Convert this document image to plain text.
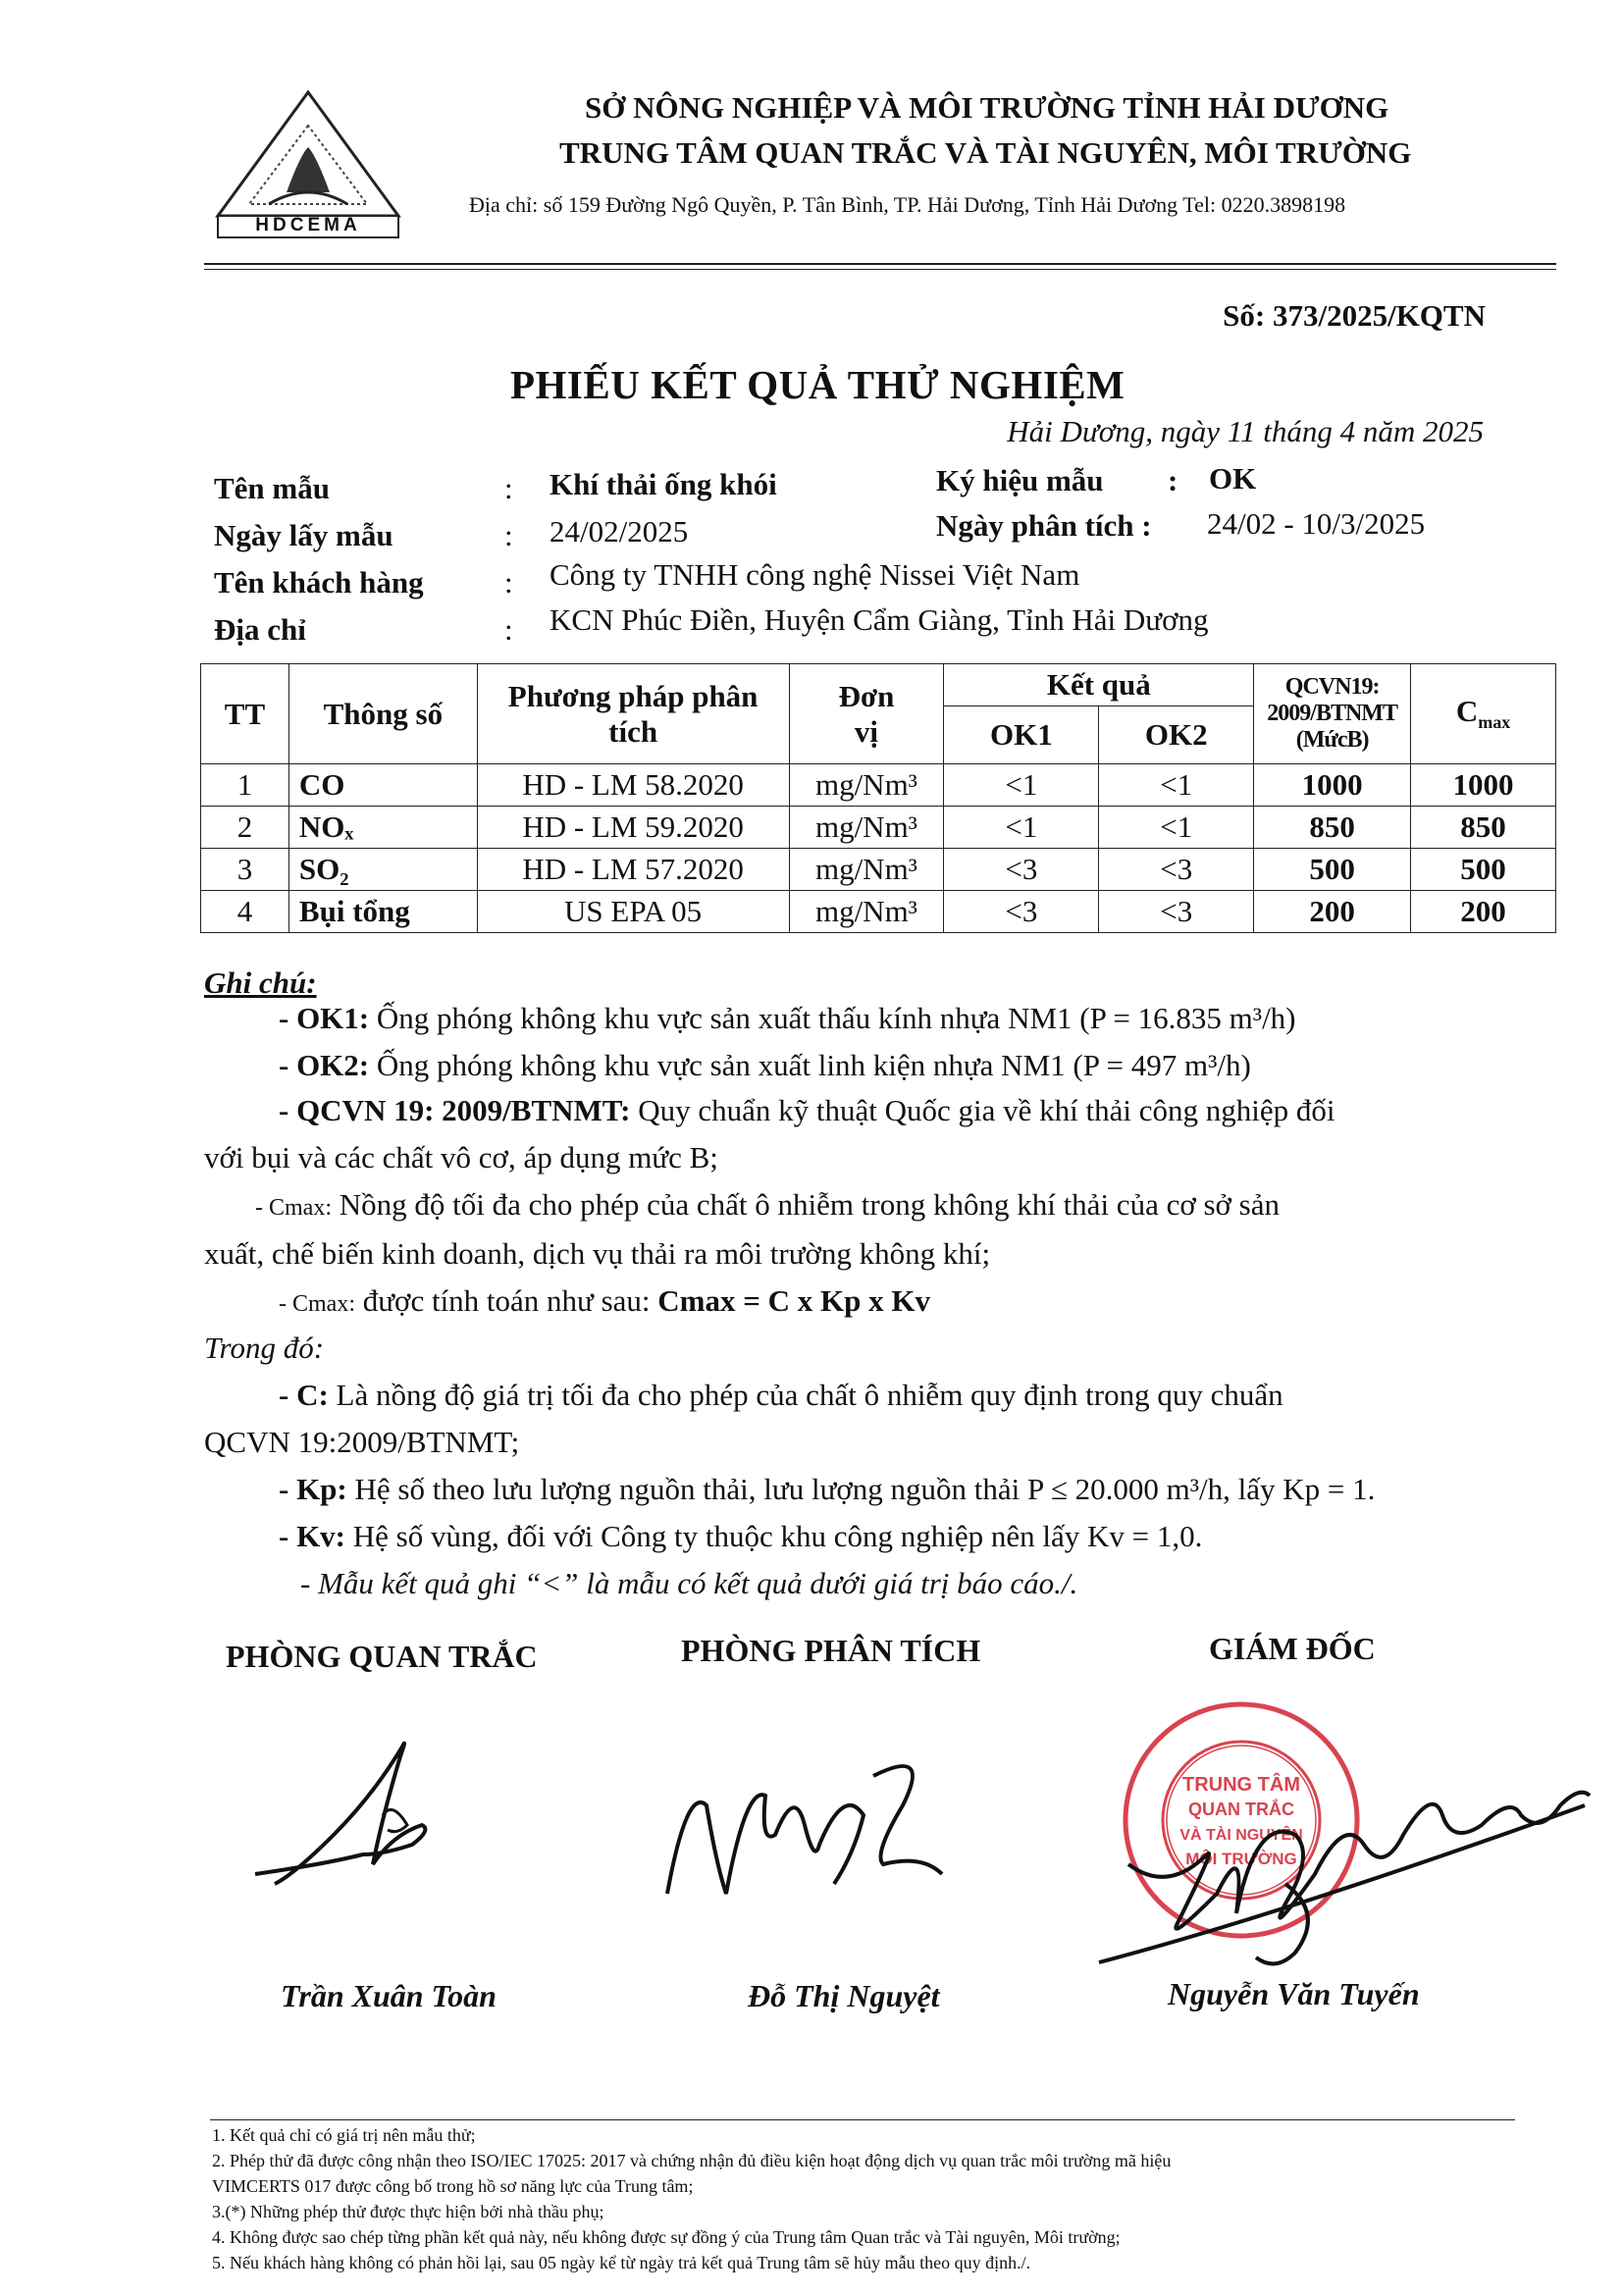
HDCEMA
SỞ NÔNG NGHIỆP VÀ MÔI TRƯỜNG TỈNH HẢI DƯƠNG
TRUNG TÂM QUAN TRẮC VÀ TÀI NGUYÊN, MÔI TRƯỜNG
Địa chỉ: số 159 Đường Ngô Quyền, P. Tân Bình, TP. Hải Dương, Tỉnh Hải Dương Tel: 0220.3898198
Số: 373/2025/KQTN
PHIẾU KẾT QUẢ THỬ NGHIỆM
Hải Dương, ngày 11 tháng 4 năm 2025
Tên mẫu	: Khí thải ống khói	Ký hiệu mẫu : OK
Ngày lấy mẫu	: 24/02/2025	Ngày phân tích : 24/02 - 10/3/2025
Tên khách hàng	: Công ty TNHH công nghệ Nissei Việt Nam
Địa chỉ	: KCN Phúc Điền, Huyện Cẩm Giàng, Tỉnh Hải Dương
TT	Thông số	Phương pháp phân tích	Đơn vị	Kết quả		QCVN19: 2009/BTNMT (MứcB)	$C_{max}$
				OK1	OK2		
1	CO	HD - LM 58.2020	mg/Nm³	<1	<1	1000	1000
2	NOₓ	HD - LM 59.2020	mg/Nm³	<1	<1	850	850
3	SO₂	HD - LM 57.2020	mg/Nm³	<3	<3	500	500
4	Bụi tổng	US EPA 05	mg/Nm³	<3	<3	200	200
Ghi chú:
- OK1: Ống phóng không khu vực sản xuất thấu kính nhựa NM1 (P = 16.835 m³/h)
- OK2: Ống phóng không khu vực sản xuất linh kiện nhựa NM1 (P = 497 m³/h)
- QCVN 19: 2009/BTNMT: Quy chuẩn kỹ thuật Quốc gia về khí thải công nghiệp đối
với bụi và các chất vô cơ, áp dụng mức B;
- Cmax: Nồng độ tối đa cho phép của chất ô nhiễm trong không khí thải của cơ sở sản
xuất, chế biến kinh doanh, dịch vụ thải ra môi trường không khí;
- Cmax: được tính toán như sau: Cmax = C x Kp x Kv
Trong đó:
- C: Là nồng độ giá trị tối đa cho phép của chất ô nhiễm quy định trong quy chuẩn
QCVN 19:2009/BTNMT;
- Kp: Hệ số theo lưu lượng nguồn thải, lưu lượng nguồn thải P ≤ 20.000 m³/h, lấy Kp = 1.
- Kv: Hệ số vùng, đối với Công ty thuộc khu công nghiệp nên lấy Kv = 1,0.
- Mẫu kết quả ghi “<” là mẫu có kết quả dưới giá trị báo cáo./.
PHÒNG QUAN TRẮC	PHÒNG PHÂN TÍCH	GIÁM ĐỐC
TRUNG TÂM
QUAN TRẮC
VÀ TÀI NGUYÊN
MÔI TRƯỜNG
Trần Xuân Toàn	Đỗ Thị Nguyệt	Nguyễn Văn Tuyến
1. Kết quả chỉ có giá trị nên mẫu thử;
2. Phép thử đã được công nhận theo ISO/IEC 17025: 2017 và chứng nhận đủ điều kiện hoạt động dịch vụ quan trắc môi trường mã hiệu
VIMCERTS 017 được công bố trong hồ sơ năng lực của Trung tâm;
3.(*) Những phép thử được thực hiện bởi nhà thầu phụ;
4. Không được sao chép từng phần kết quả này, nếu không được sự đồng ý của Trung tâm Quan trắc và Tài nguyên, Môi trường;
5. Nếu khách hàng không có phản hồi lại, sau 05 ngày kể từ ngày trả kết quả Trung tâm sẽ hủy mẫu theo quy định./.
